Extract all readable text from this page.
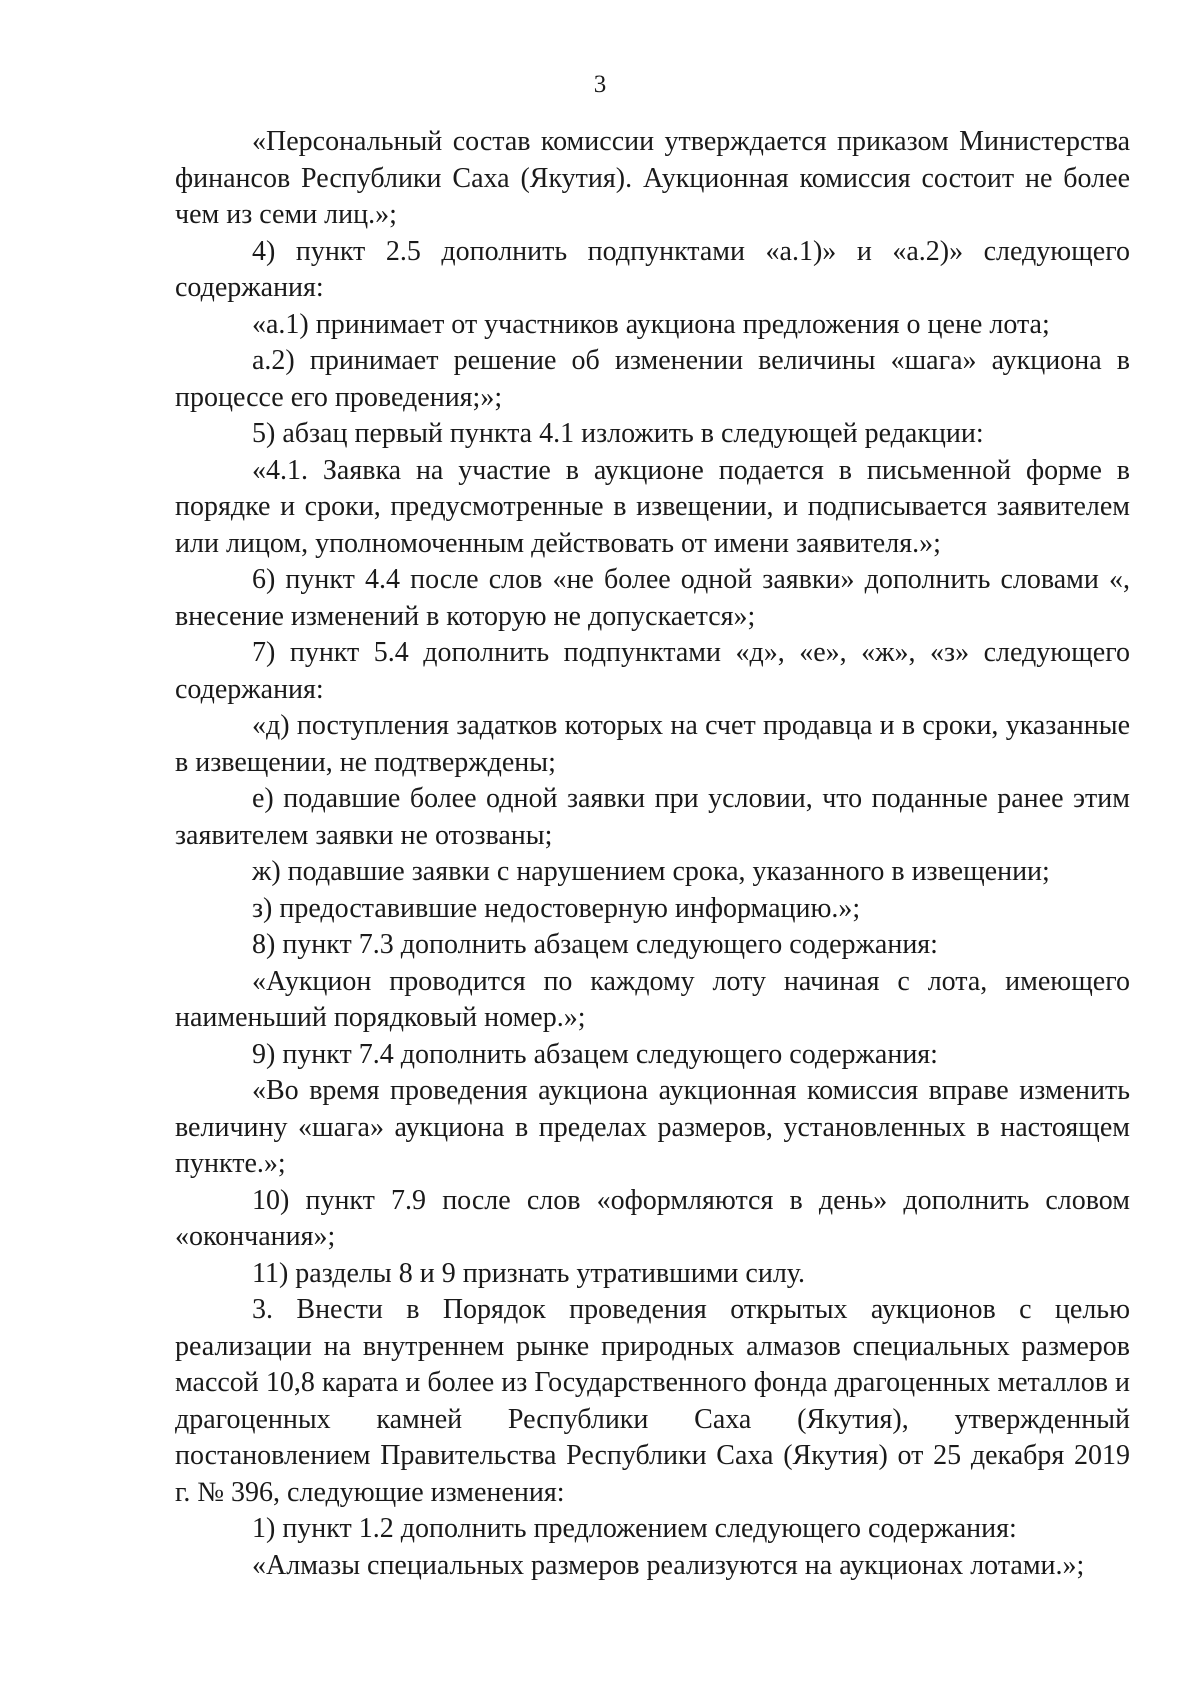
3

«Персональный состав комиссии утверждается приказом Министерства финансов Республики Саха (Якутия). Аукционная комиссия состоит не более чем из семи лиц.»;

4) пункт 2.5 дополнить подпунктами «а.1)» и «а.2)» следующего содержания:

«а.1) принимает от участников аукциона предложения о цене лота;

а.2) принимает решение об изменении величины «шага» аукциона в процессе его проведения;»;

5) абзац первый пункта 4.1 изложить в следующей редакции:

«4.1. Заявка на участие в аукционе подается в письменной форме в порядке и сроки, предусмотренные в извещении, и подписывается заявителем или лицом, уполномоченным действовать от имени заявителя.»;

6) пункт 4.4 после слов «не более одной заявки» дополнить словами «, внесение изменений в которую не допускается»;

7) пункт 5.4 дополнить подпунктами «д», «е», «ж», «з» следующего содержания:

«д) поступления задатков которых на счет продавца и в сроки, указанные в извещении, не подтверждены;

е) подавшие более одной заявки при условии, что поданные ранее этим заявителем заявки не отозваны;

ж) подавшие заявки с нарушением срока, указанного в извещении;

з) предоставившие недостоверную информацию.»;

8) пункт 7.3 дополнить абзацем следующего содержания:

«Аукцион проводится по каждому лоту начиная с лота, имеющего наименьший порядковый номер.»;

9) пункт 7.4 дополнить абзацем следующего содержания:

«Во время проведения аукциона аукционная комиссия вправе изменить величину «шага» аукциона в пределах размеров, установленных в настоящем пункте.»;

10) пункт 7.9 после слов «оформляются в день» дополнить словом «окончания»;

11) разделы 8 и 9 признать утратившими силу.

3. Внести в Порядок проведения открытых аукционов с целью реализации на внутреннем рынке природных алмазов специальных размеров массой 10,8 карата и более из Государственного фонда драгоценных металлов и драгоценных камней Республики Саха (Якутия), утвержденный постановлением Правительства Республики Саха (Якутия) от 25 декабря 2019 г. № 396, следующие изменения:

1) пункт 1.2 дополнить предложением следующего содержания:

«Алмазы специальных размеров реализуются на аукционах лотами.»;
